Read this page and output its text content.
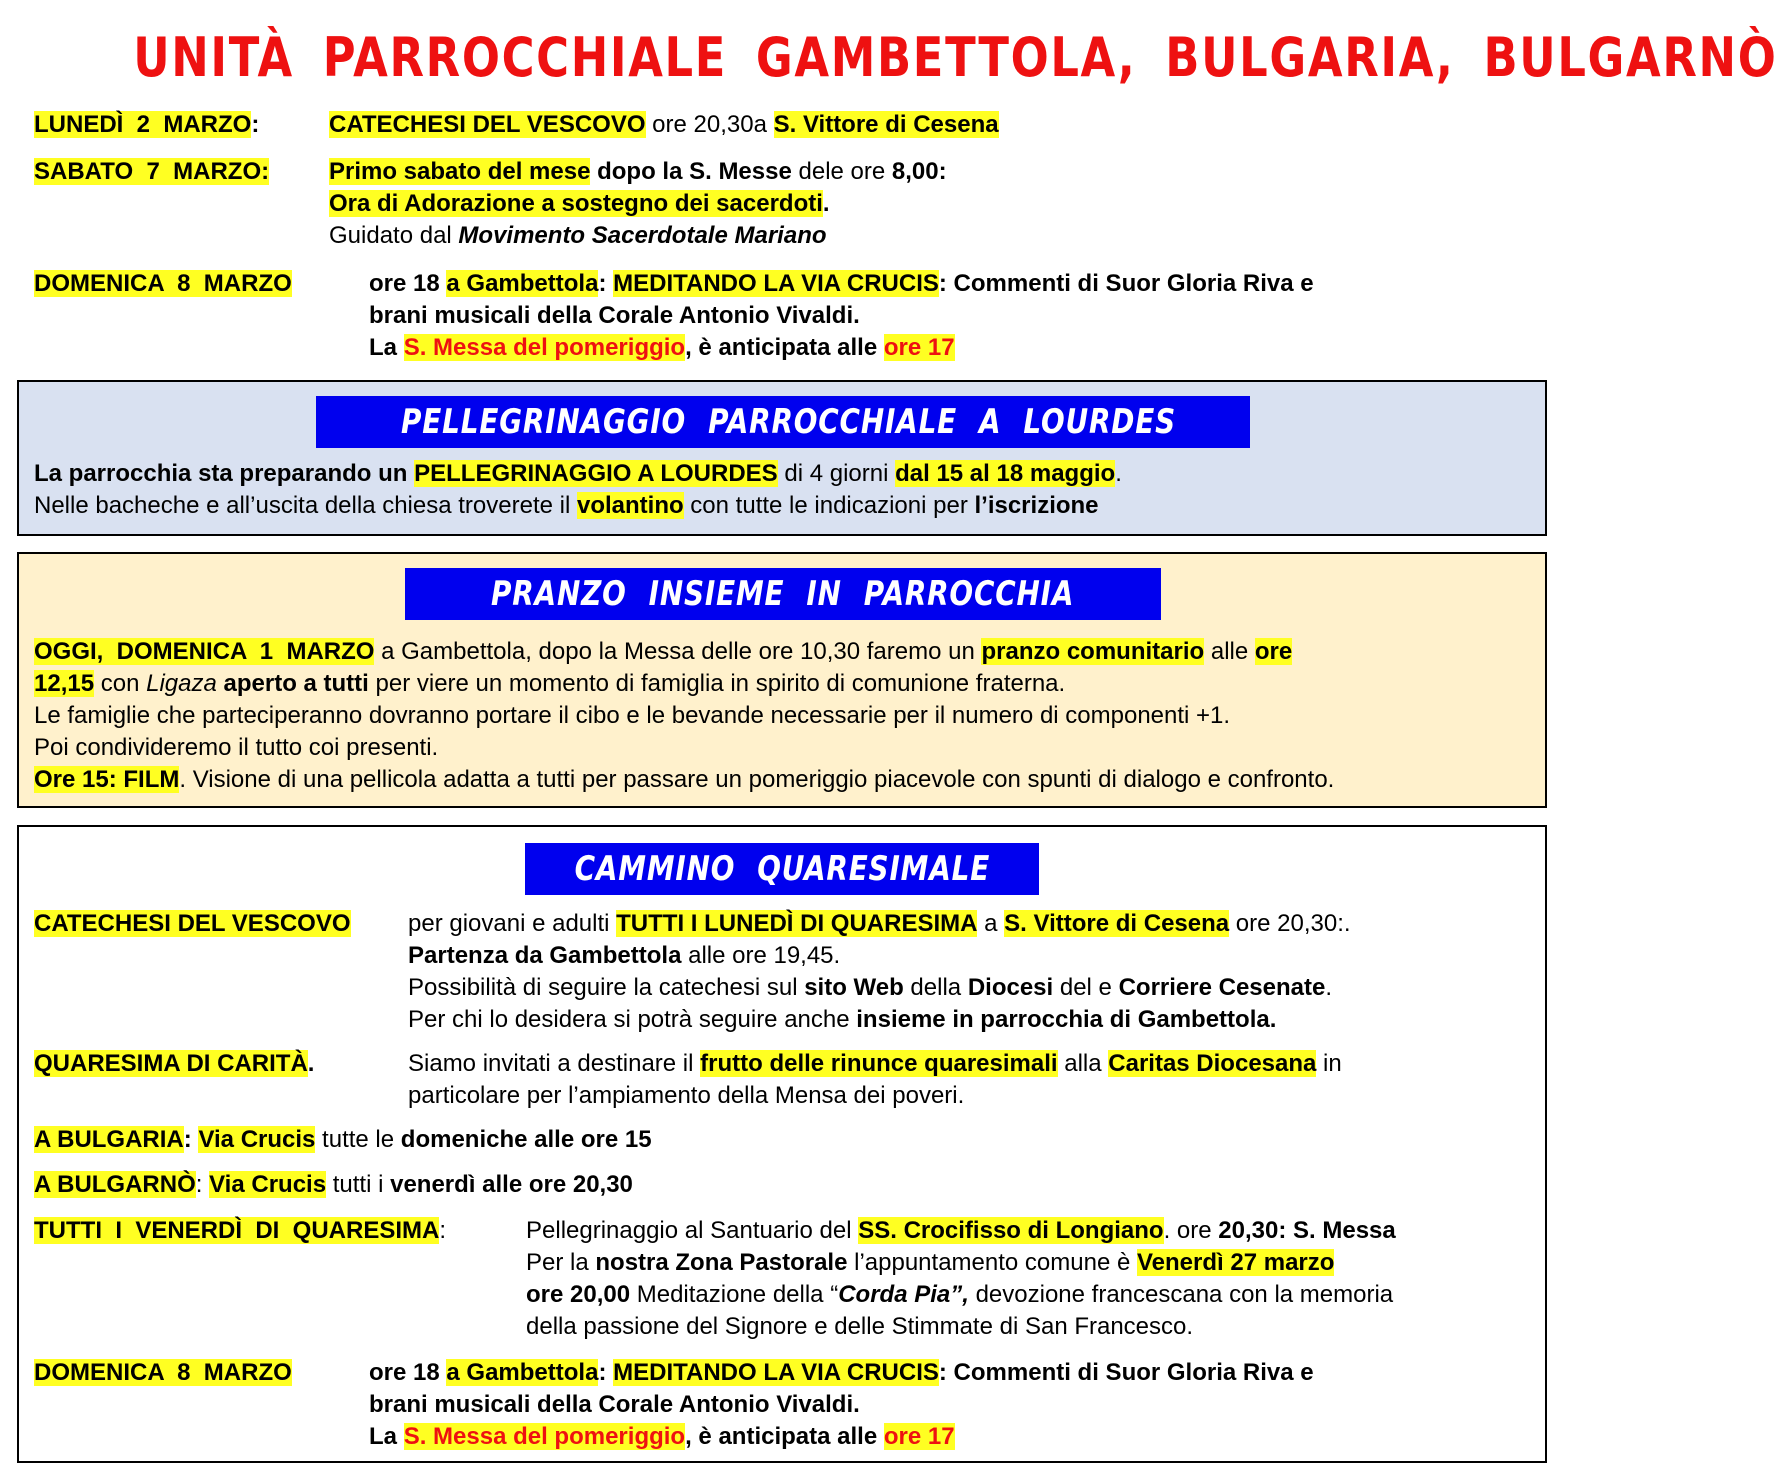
UNITÀ PARROCCHIALE GAMBETTOLA, BULGARIA, BULGARNÒ
LUNEDÌ  2  MARZO:	CATECHESI DEL VESCOVO ore 20,30a S. Vittore di Cesena
SABATO  7  MARZO: Primo sabato del mese dopo la S. Messe dele ore 8,00:
Ora di Adorazione a sostegno dei sacerdoti.
Guidato dal Movimento Sacerdotale Mariano
DOMENICA  8  MARZO	ore 18 a Gambettola: MEDITANDO LA VIA CRUCIS: Commenti di Suor Gloria Riva e
brani musicali della Corale Antonio Vivaldi.
La S. Messa del pomeriggio, è anticipata alle ore 17
PELLEGRINAGGIO PARROCCHIALE A LOURDES
La parrocchia sta preparando un PELLEGRINAGGIO A LOURDES di 4 giorni dal 15 al 18 maggio.
Nelle bacheche e all’uscita della chiesa troverete il volantino con tutte le indicazioni per l’iscrizione
PRANZO INSIEME IN PARROCCHIA
OGGI,  DOMENICA  1  MARZO a Gambettola, dopo la Messa delle ore 10,30 faremo un pranzo comunitario alle ore
12,15 con Ligaza aperto a tutti per viere un momento di famiglia in spirito di comunione fraterna.
Le famiglie che parteciperanno dovranno portare il cibo e le bevande necessarie per il numero di componenti +1.
Poi condivideremo il tutto coi presenti.
Ore 15: FILM. Visione di una pellicola adatta a tutti per passare un pomeriggio piacevole con spunti di dialogo e confronto.
CAMMINO QUARESIMALE
CATECHESI DEL VESCOVO per giovani e adulti TUTTI I LUNEDÌ DI QUARESIMA a S. Vittore di Cesena ore 20,30:.
Partenza da Gambettola alle ore 19,45.
Possibilità di seguire la catechesi sul sito Web della Diocesi del e Corriere Cesenate.
Per chi lo desidera si potrà seguire anche insieme in parrocchia di Gambettola.
QUARESIMA DI CARITÀ.	Siamo invitati a destinare il frutto delle rinunce quaresimali alla Caritas Diocesana in
particolare per l’ampiamento della Mensa dei poveri.
A BULGARIA: Via Crucis tutte le domeniche alle ore 15
A BULGARNÒ: Via Crucis tutti i venerdì alle ore 20,30
TUTTI  I  VENERDÌ  DI  QUARESIMA:	Pellegrinaggio al Santuario del SS. Crocifisso di Longiano. ore 20,30: S. Messa
Per la nostra Zona Pastorale l’appuntamento comune è Venerdì 27 marzo
ore 20,00 Meditazione della “Corda Pia”, devozione francescana con la memoria
della passione del Signore e delle Stimmate di San Francesco.
DOMENICA  8  MARZO	ore 18 a Gambettola: MEDITANDO LA VIA CRUCIS: Commenti di Suor Gloria Riva e
brani musicali della Corale Antonio Vivaldi.
La S. Messa del pomeriggio, è anticipata alle ore 17
